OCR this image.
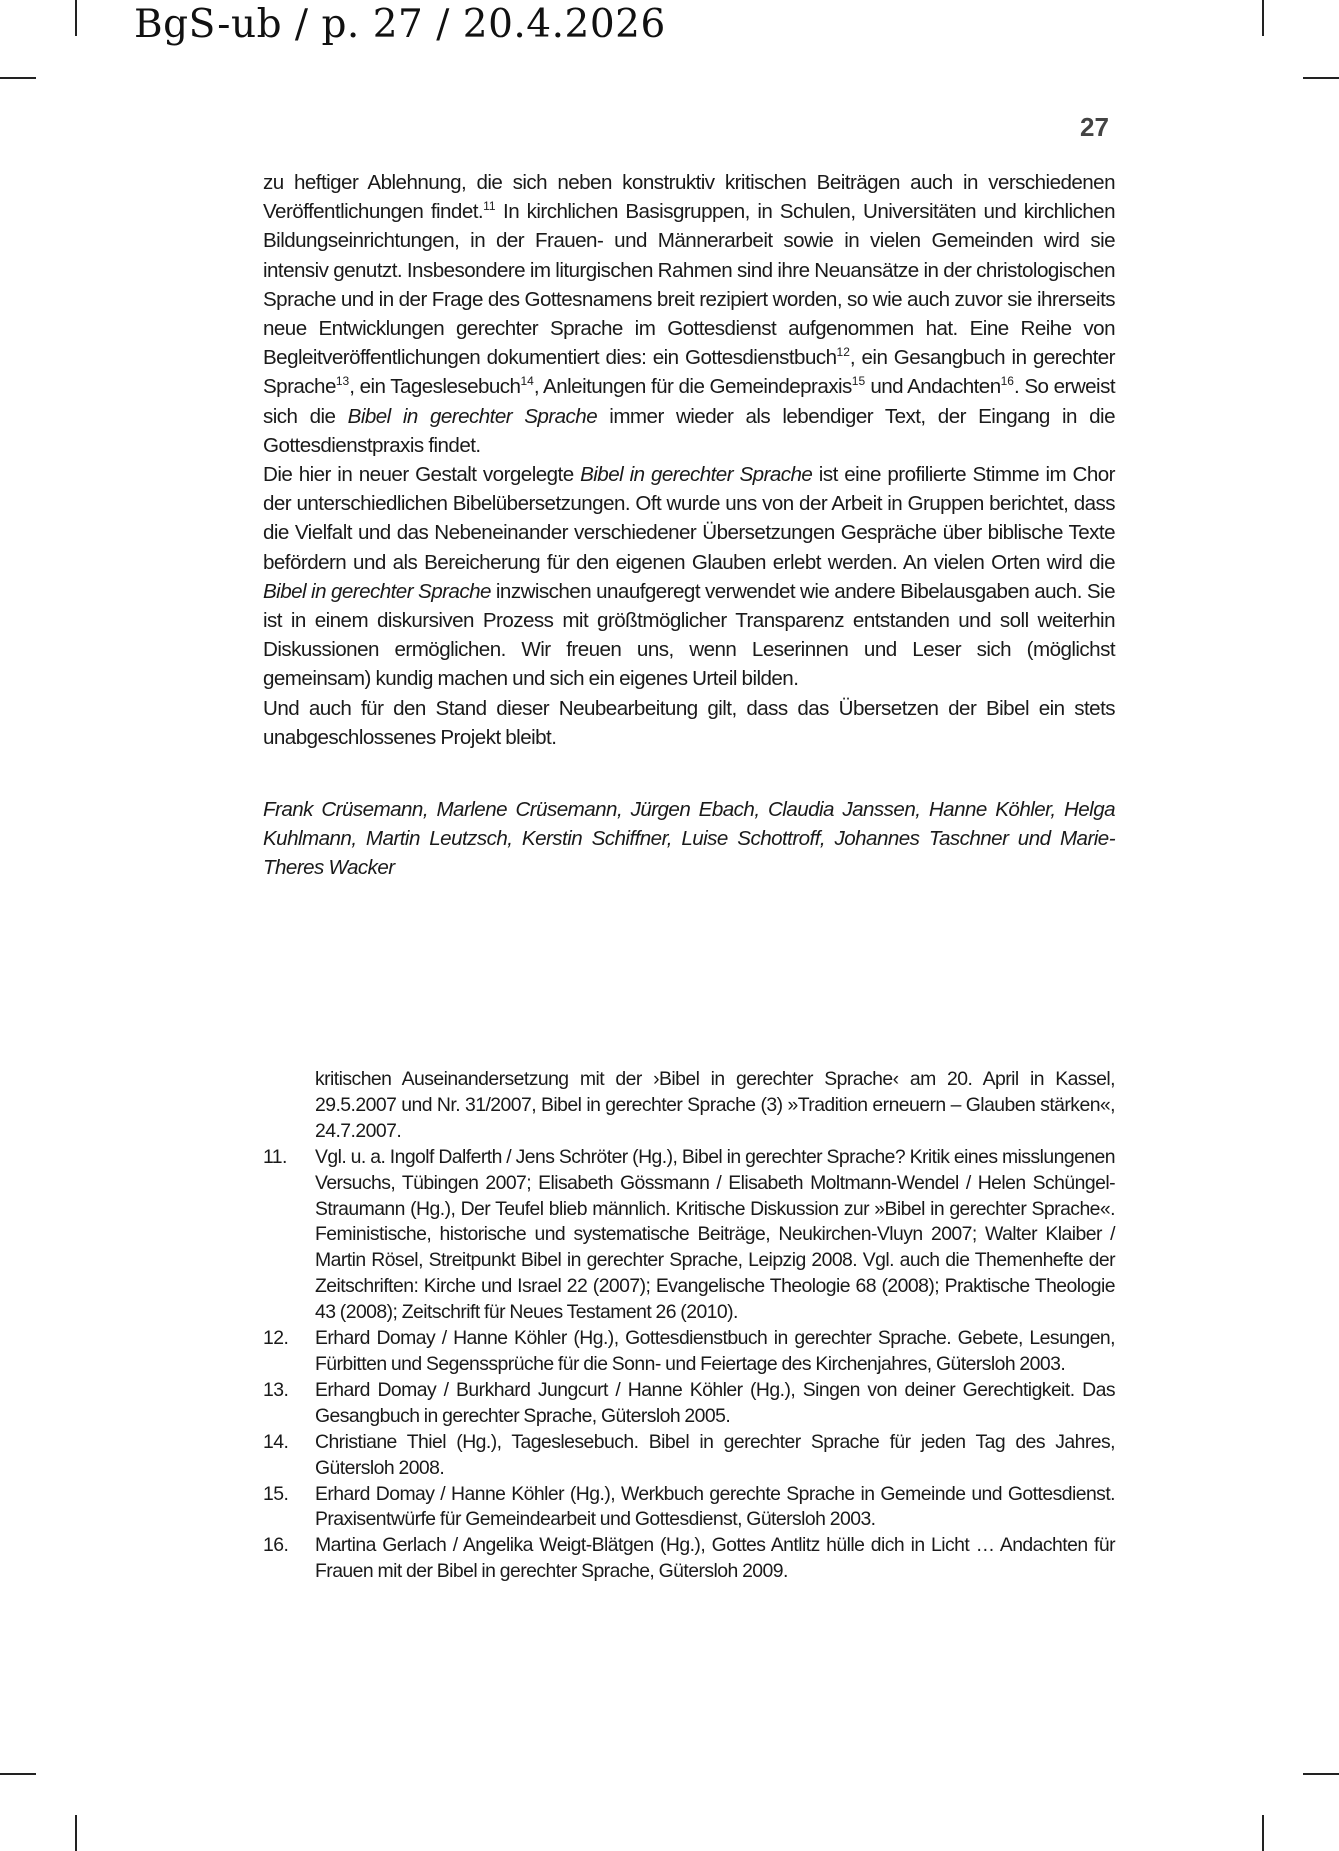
BgS-ub / p. 27 / 20.4.2026
27

zu heftiger Ablehnung, die sich neben konstruktiv kritischen Beiträgen auch in verschiedenen Veröffentlichungen findet.$^{11}$ In kirchlichen Basisgruppen, in Schulen, Universitäten und kirchlichen Bildungseinrichtungen, in der Frauen- und Männerarbeit sowie in vielen Gemeinden wird sie intensiv genutzt. Insbesondere im liturgischen Rahmen sind ihre Neuansätze in der christologischen Sprache und in der Frage des Gottesnamens breit rezipiert worden, so wie auch zuvor sie ihrerseits neue Entwicklungen gerechter Sprache im Gottesdienst aufgenommen hat. Eine Reihe von Begleitveröffentlichungen dokumentiert dies: ein Gottesdienstbuch$^{12}$, ein Gesangbuch in gerechter Sprache$^{13}$, ein Tageslesebuch$^{14}$, Anleitungen für die Gemeindepraxis$^{15}$ und Andachten$^{16}$. So erweist sich die Bibel in gerechter Sprache immer wieder als lebendiger Text, der Eingang in die Gottesdienstpraxis findet.

Die hier in neuer Gestalt vorgelegte Bibel in gerechter Sprache ist eine profilierte Stimme im Chor der unterschiedlichen Bibelübersetzungen. Oft wurde uns von der Arbeit in Gruppen berichtet, dass die Vielfalt und das Nebeneinander verschiedener Übersetzungen Gespräche über biblische Texte befördern und als Bereicherung für den eigenen Glauben erlebt werden. An vielen Orten wird die Bibel in gerechter Sprache inzwischen unaufgeregt verwendet wie andere Bibelausgaben auch. Sie ist in einem diskursiven Prozess mit größtmöglicher Transparenz entstanden und soll weiterhin Diskussionen ermöglichen. Wir freuen uns, wenn Leserinnen und Leser sich (möglichst gemeinsam) kundig machen und sich ein eigenes Urteil bilden.

Und auch für den Stand dieser Neubearbeitung gilt, dass das Übersetzen der Bibel ein stets unabgeschlossenes Projekt bleibt.

Frank Crüsemann, Marlene Crüsemann, Jürgen Ebach, Claudia Janssen, Hanne Köhler, Helga Kuhlmann, Martin Leutzsch, Kerstin Schiffner, Luise Schottroff, Johannes Taschner und Marie-Theres Wacker

kritischen Auseinandersetzung mit der ›Bibel in gerechter Sprache‹ am 20. April in Kassel, 29.5.2007 und Nr. 31/2007, Bibel in gerechter Sprache (3) »Tradition erneuern – Glauben stärken«, 24.7.2007.

11.	Vgl. u. a. Ingolf Dalferth / Jens Schröter (Hg.), Bibel in gerechter Sprache? Kritik eines misslungenen Versuchs, Tübingen 2007; Elisabeth Gössmann / Elisabeth Moltmann-Wendel / Helen Schüngel-Straumann (Hg.), Der Teufel blieb männlich. Kritische Diskussion zur »Bibel in gerechter Sprache«. Feministische, historische und systematische Beiträge, Neukirchen-Vluyn 2007; Walter Klaiber / Martin Rösel, Streitpunkt Bibel in gerechter Sprache, Leipzig 2008. Vgl. auch die Themenhefte der Zeitschriften: Kirche und Israel 22 (2007); Evangelische Theologie 68 (2008); Praktische Theologie 43 (2008); Zeitschrift für Neues Testament 26 (2010).
12.	Erhard Domay / Hanne Köhler (Hg.), Gottesdienstbuch in gerechter Sprache. Gebete, Lesungen, Fürbitten und Segenssprüche für die Sonn- und Feiertage des Kirchenjahres, Gütersloh 2003.
13.	Erhard Domay / Burkhard Jungcurt / Hanne Köhler (Hg.), Singen von deiner Gerechtigkeit. Das Gesangbuch in gerechter Sprache, Gütersloh 2005.
14.	Christiane Thiel (Hg.), Tageslesebuch. Bibel in gerechter Sprache für jeden Tag des Jahres, Gütersloh 2008.
15.	Erhard Domay / Hanne Köhler (Hg.), Werkbuch gerechte Sprache in Gemeinde und Gottesdienst. Praxisentwürfe für Gemeindearbeit und Gottesdienst, Gütersloh 2003.
16.	Martina Gerlach / Angelika Weigt-Blätgen (Hg.), Gottes Antlitz hülle dich in Licht … Andachten für Frauen mit der Bibel in gerechter Sprache, Gütersloh 2009.
